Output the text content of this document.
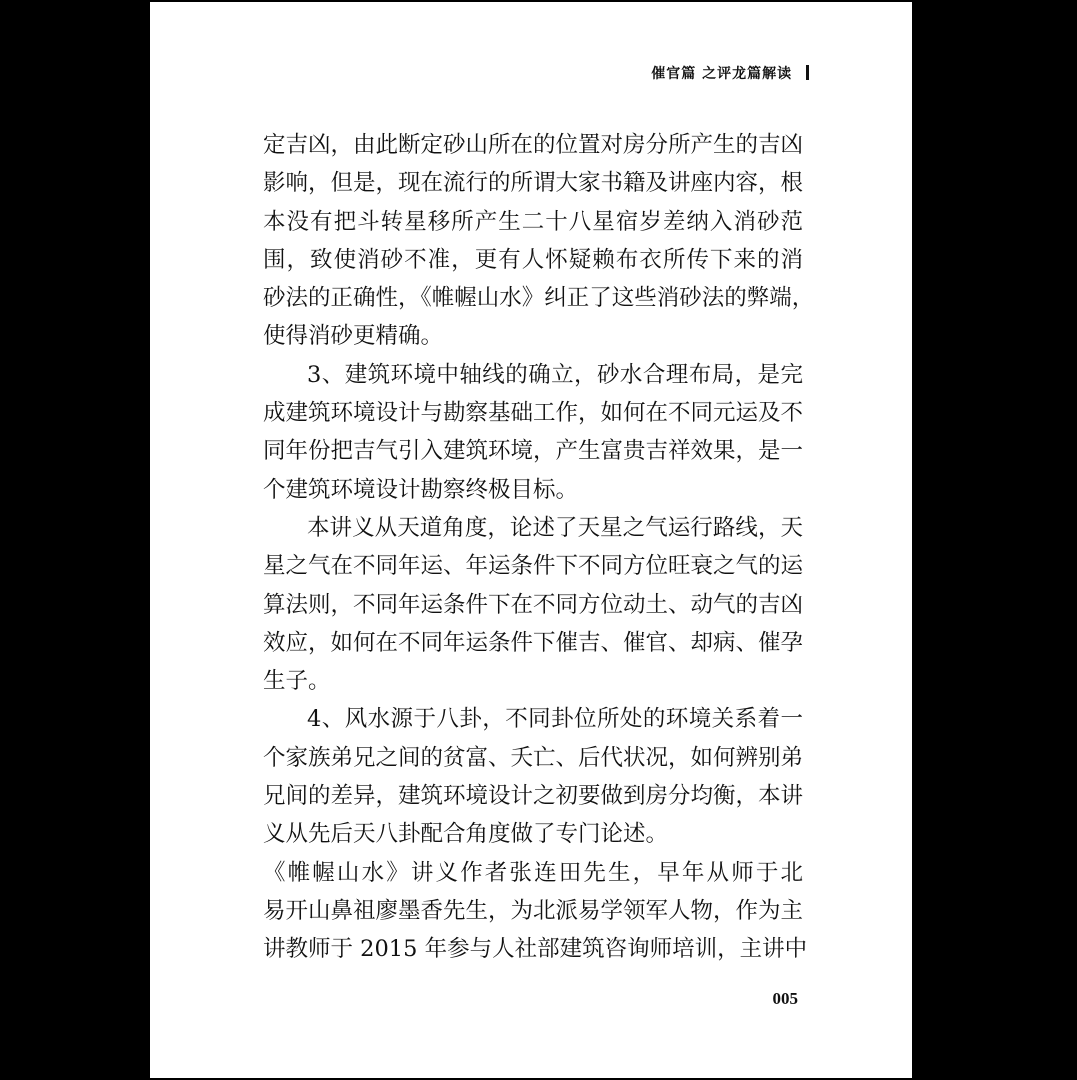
催官篇 之评龙篇解读
定吉凶，由此断定砂山所在的位置对房分所产生的吉凶
影响，但是，现在流行的所谓大家书籍及讲座内容，根
本没有把斗转星移所产生二十八星宿岁差纳入消砂范
围，致使消砂不准，更有人怀疑赖布衣所传下来的消
砂法的正确性，《帷幄山水》纠正了这些消砂法的弊端，
使得消砂更精确。
3、建筑环境中轴线的确立，砂水合理布局，是完
成建筑环境设计与勘察基础工作，如何在不同元运及不
同年份把吉气引入建筑环境，产生富贵吉祥效果，是一
个建筑环境设计勘察终极目标。
本讲义从天道角度，论述了天星之气运行路线，天
星之气在不同年运、年运条件下不同方位旺衰之气的运
算法则，不同年运条件下在不同方位动土、动气的吉凶
效应，如何在不同年运条件下催吉、催官、却病、催孕
生子。
4、风水源于八卦，不同卦位所处的环境关系着一
个家族弟兄之间的贫富、夭亡、后代状况，如何辨别弟
兄间的差异，建筑环境设计之初要做到房分均衡，本讲
义从先后天八卦配合角度做了专门论述。
《帷幄山水》讲义作者张连田先生，早年从师于北
易开山鼻祖廖墨香先生，为北派易学领军人物，作为主
讲教师于 2015 年参与人社部建筑咨询师培训，主讲中
005
